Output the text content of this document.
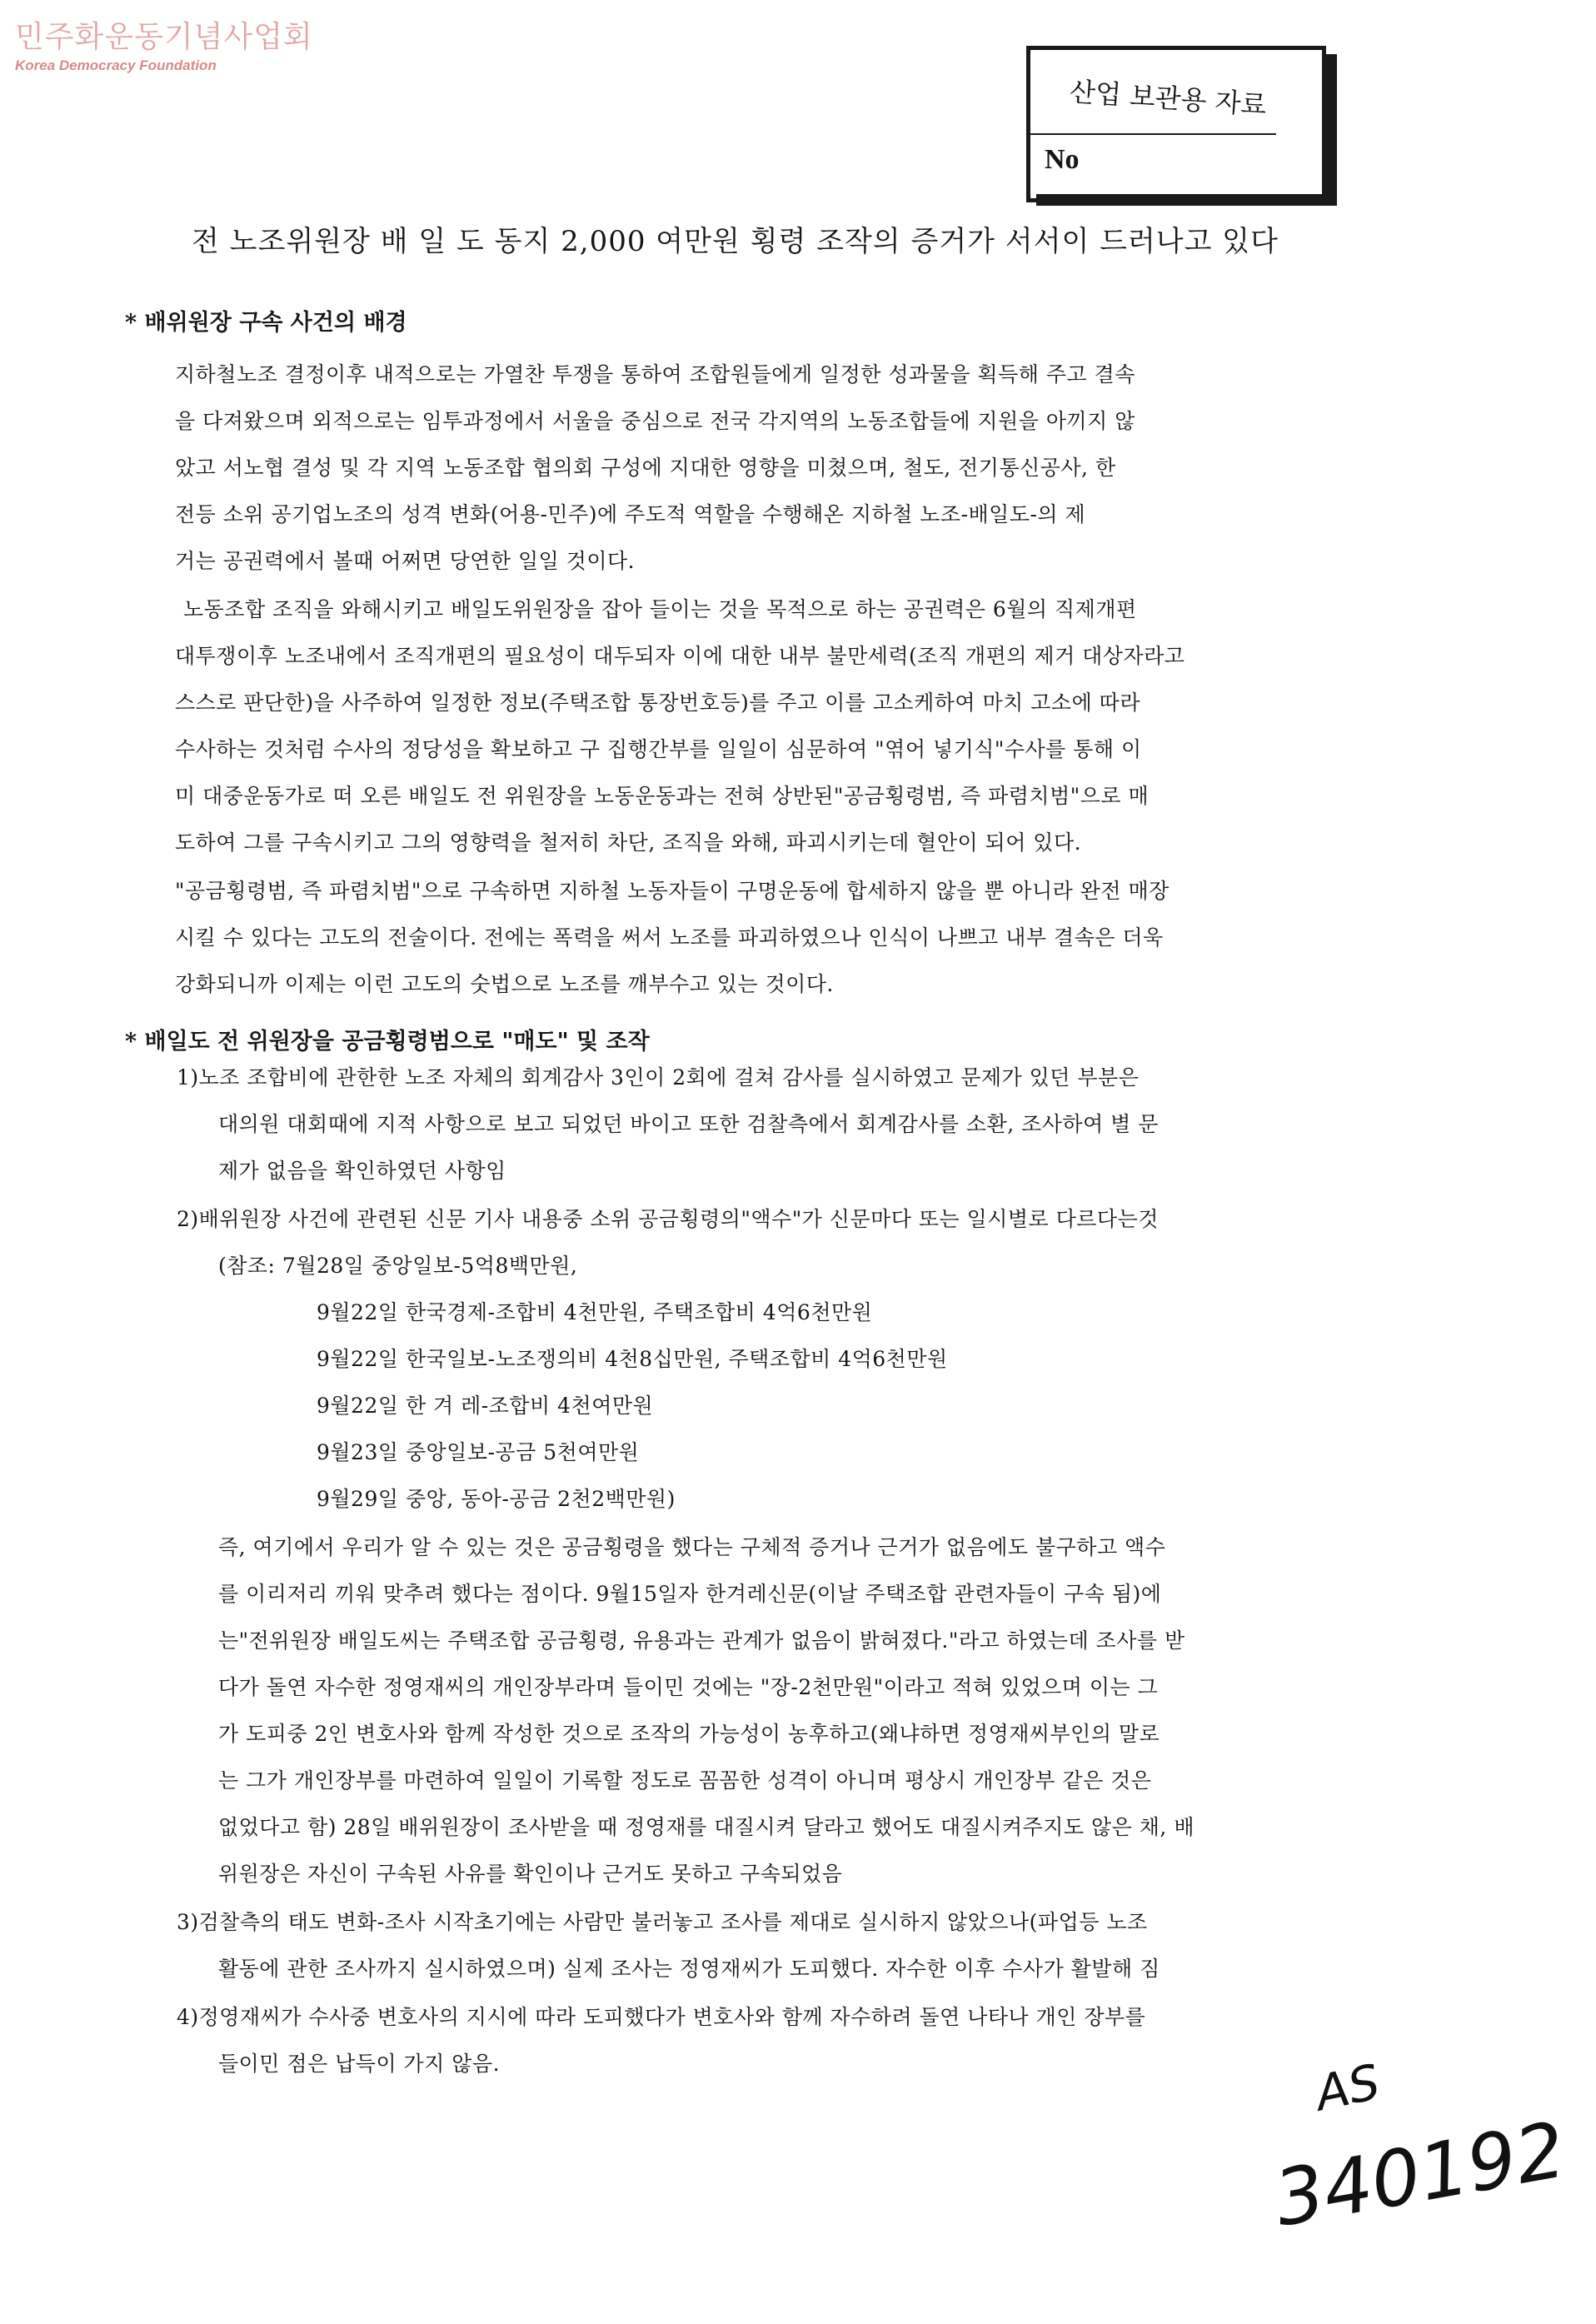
민주화운동기념사업회
Korea Democracy Foundation
산업 보관용 자료
No
전 노조위원장 배 일 도 동지 2,000 여만원 횡령 조작의 증거가 서서이 드러나고 있다
* 배위원장 구속 사건의 배경
지하철노조 결정이후 내적으로는 가열찬 투쟁을 통하여 조합원들에게 일정한 성과물을 획득해 주고 결속
을 다져왔으며 외적으로는 임투과정에서 서울을 중심으로 전국 각지역의 노동조합들에 지원을 아끼지 않
았고 서노협 결성 및 각 지역 노동조합 협의회 구성에 지대한 영향을 미쳤으며, 철도, 전기통신공사, 한
전등 소위 공기업노조의 성격 변화(어용-민주)에 주도적 역할을 수행해온 지하철 노조-배일도-의 제
거는 공권력에서 볼때 어쩌면 당연한 일일 것이다.
노동조합 조직을 와해시키고 배일도위원장을 잡아 들이는 것을 목적으로 하는 공권력은 6월의 직제개편
대투쟁이후 노조내에서 조직개편의 필요성이 대두되자 이에 대한 내부 불만세력(조직 개편의 제거 대상자라고
스스로 판단한)을 사주하여 일정한 정보(주택조합 통장번호등)를 주고 이를 고소케하여 마치 고소에 따라
수사하는 것처럼 수사의 정당성을 확보하고 구 집행간부를 일일이 심문하여 "엮어 넣기식"수사를 통해 이
미 대중운동가로 떠 오른 배일도 전 위원장을 노동운동과는 전혀 상반된"공금횡령범, 즉 파렴치범"으로 매
도하여 그를 구속시키고 그의 영향력을 철저히 차단, 조직을 와해, 파괴시키는데 혈안이 되어 있다.
"공금횡령범, 즉 파렴치범"으로 구속하면 지하철 노동자들이 구명운동에 합세하지 않을 뿐 아니라 완전 매장
시킬 수 있다는 고도의 전술이다. 전에는 폭력을 써서 노조를 파괴하였으나 인식이 나쁘고 내부 결속은 더욱
강화되니까 이제는 이런 고도의 숫법으로 노조를 깨부수고 있는 것이다.
* 배일도 전 위원장을 공금횡령범으로 "매도" 및 조작
1)노조 조합비에 관한한 노조 자체의 회계감사 3인이 2회에 걸쳐 감사를 실시하였고 문제가 있던 부분은
대의원 대회때에 지적 사항으로 보고 되었던 바이고 또한 검찰측에서 회계감사를 소환, 조사하여 별 문
제가 없음을 확인하였던 사항임
2)배위원장 사건에 관련된 신문 기사 내용중 소위 공금횡령의"액수"가 신문마다 또는 일시별로 다르다는것
(참조: 7월28일 중앙일보-5억8백만원,
9월22일 한국경제-조합비 4천만원, 주택조합비 4억6천만원
9월22일 한국일보-노조쟁의비 4천8십만원, 주택조합비 4억6천만원
9월22일 한 겨 레-조합비 4천여만원
9월23일 중앙일보-공금 5천여만원
9월29일 중앙, 동아-공금 2천2백만원)
즉, 여기에서 우리가 알 수 있는 것은 공금횡령을 했다는 구체적 증거나 근거가 없음에도 불구하고 액수
를 이리저리 끼워 맞추려 했다는 점이다. 9월15일자 한겨레신문(이날 주택조합 관련자들이 구속 됨)에
는"전위원장 배일도씨는 주택조합 공금횡령, 유용과는 관계가 없음이 밝혀졌다."라고 하였는데 조사를 받
다가 돌연 자수한 정영재씨의 개인장부라며 들이민 것에는 "장-2천만원"이라고 적혀 있었으며 이는 그
가 도피중 2인 변호사와 함께 작성한 것으로 조작의 가능성이 농후하고(왜냐하면 정영재씨부인의 말로
는 그가 개인장부를 마련하여 일일이 기록할 정도로 꼼꼼한 성격이 아니며 평상시 개인장부 같은 것은
없었다고 함) 28일 배위원장이 조사받을 때 정영재를 대질시켜 달라고 했어도 대질시켜주지도 않은 채, 배
위원장은 자신이 구속된 사유를 확인이나 근거도 못하고 구속되었음
3)검찰측의 태도 변화-조사 시작초기에는 사람만 불러놓고 조사를 제대로 실시하지 않았으나(파업등 노조
활동에 관한 조사까지 실시하였으며) 실제 조사는 정영재씨가 도피했다. 자수한 이후 수사가 활발해 짐
4)정영재씨가 수사중 변호사의 지시에 따라 도피했다가 변호사와 함께 자수하려 돌연 나타나 개인 장부를
들이민 점은 납득이 가지 않음.	AS
340192
